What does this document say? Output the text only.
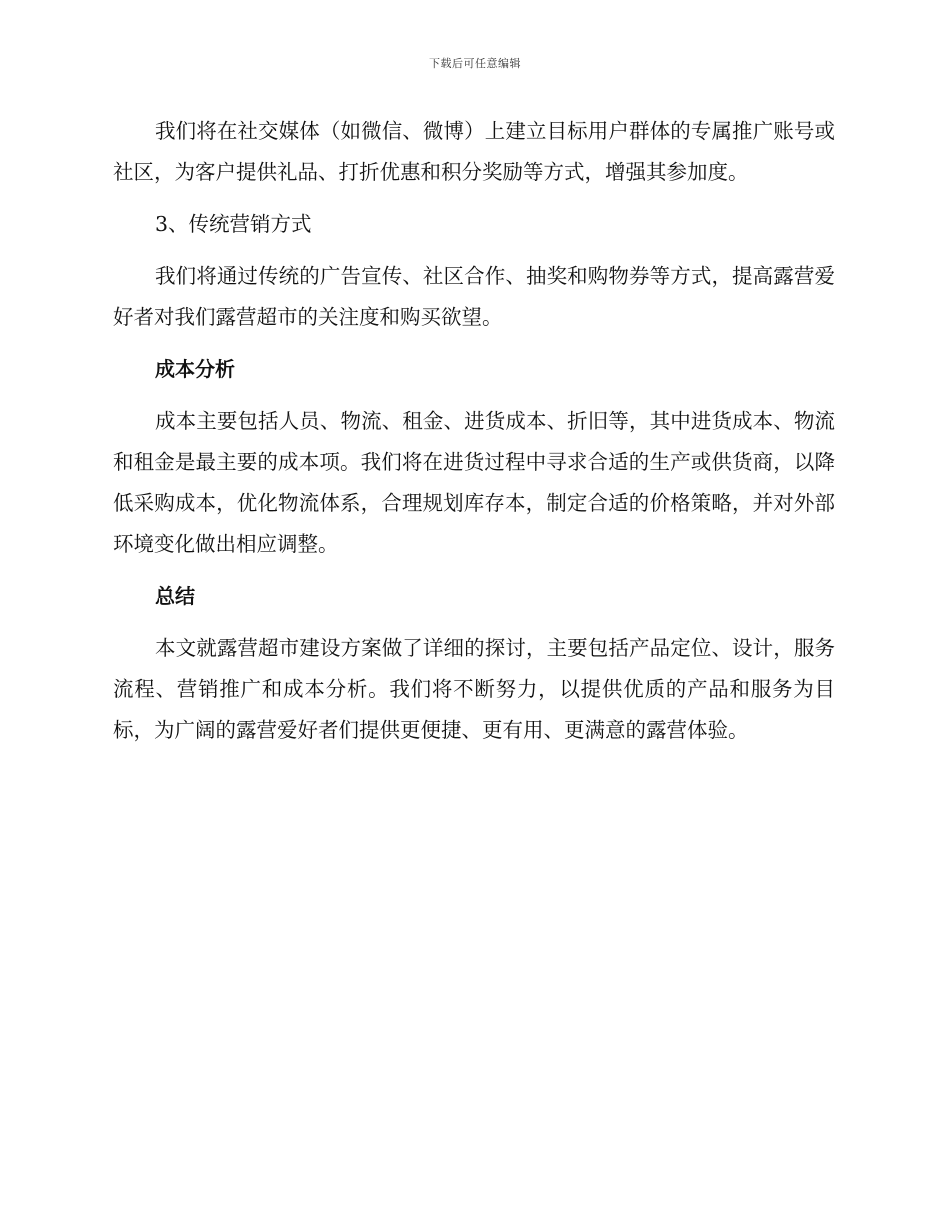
下载后可任意编辑

我们将在社交媒体（如微信、微博）上建立目标用户群体的专属推广账号或社区，为客户提供礼品、打折优惠和积分奖励等方式，增强其参加度。

3、传统营销方式

我们将通过传统的广告宣传、社区合作、抽奖和购物券等方式，提高露营爱好者对我们露营超市的关注度和购买欲望。

成本分析

成本主要包括人员、物流、租金、进货成本、折旧等，其中进货成本、物流和租金是最主要的成本项。我们将在进货过程中寻求合适的生产或供货商，以降低采购成本，优化物流体系，合理规划库存本，制定合适的价格策略，并对外部环境变化做出相应调整。

总结

本文就露营超市建设方案做了详细的探讨，主要包括产品定位、设计，服务流程、营销推广和成本分析。我们将不断努力，以提供优质的产品和服务为目标，为广阔的露营爱好者们提供更便捷、更有用、更满意的露营体验。
